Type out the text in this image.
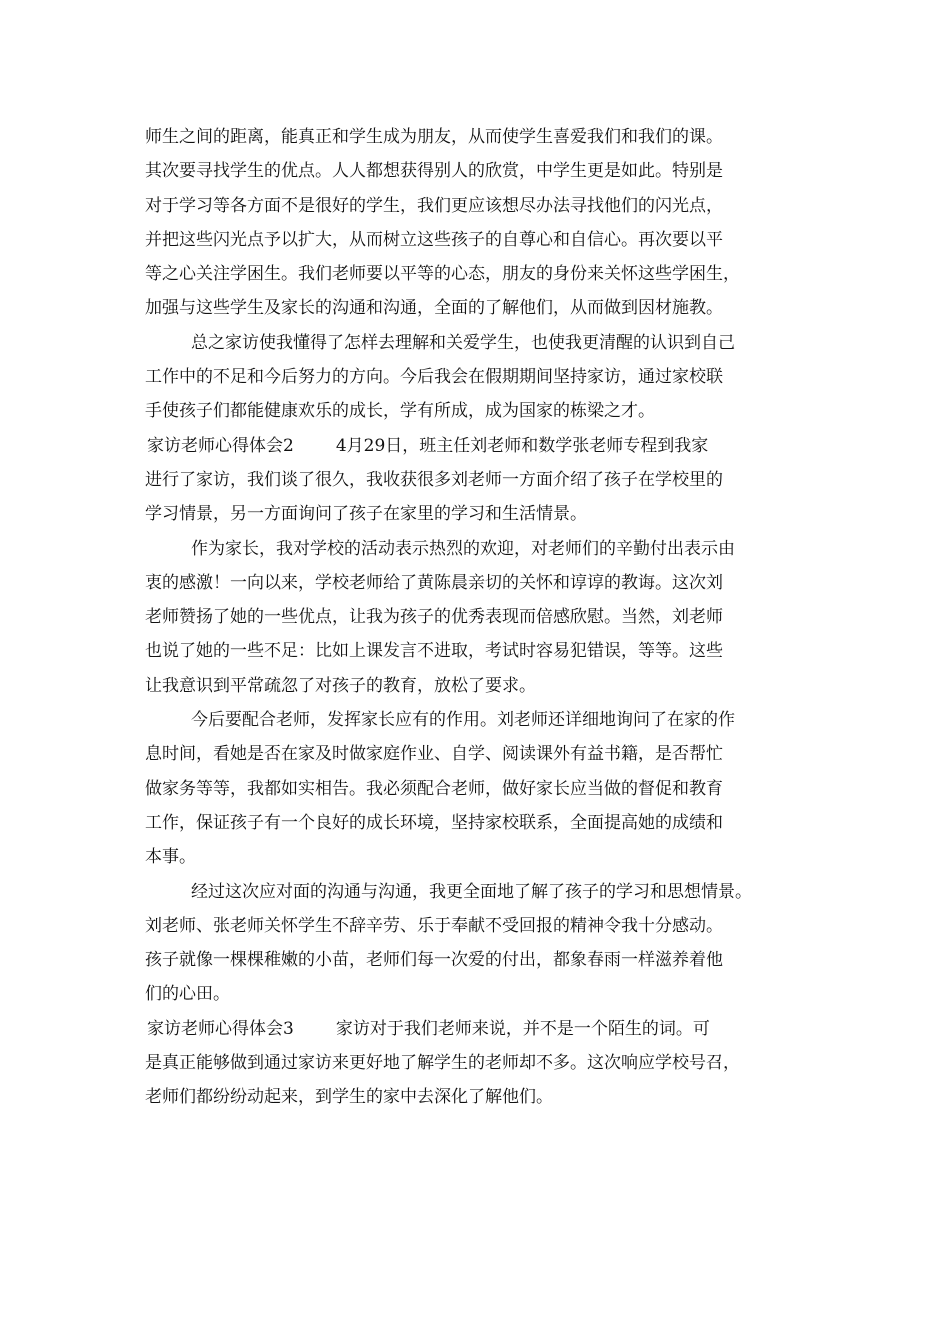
师生之间的距离，能真正和学生成为朋友，从而使学生喜爱我们和我们的课。
其次要寻找学生的优点。人人都想获得别人的欣赏，中学生更是如此。特别是
对于学习等各方面不是很好的学生，我们更应该想尽办法寻找他们的闪光点，
并把这些闪光点予以扩大，从而树立这些孩子的自尊心和自信心。再次要以平
等之心关注学困生。我们老师要以平等的心态，朋友的身份来关怀这些学困生，
加强与这些学生及家长的沟通和沟通，全面的了解他们，从而做到因材施教。
总之家访使我懂得了怎样去理解和关爱学生，也使我更清醒的认识到自己
工作中的不足和今后努力的方向。今后我会在假期期间坚持家访，通过家校联
手使孩子们都能健康欢乐的成长，学有所成，成为国家的栋梁之才。
家访老师心得体会2 4月29日，班主任刘老师和数学张老师专程到我家
进行了家访，我们谈了很久，我收获很多刘老师一方面介绍了孩子在学校里的
学习情景，另一方面询问了孩子在家里的学习和生活情景。
作为家长，我对学校的活动表示热烈的欢迎，对老师们的辛勤付出表示由
衷的感激！一向以来，学校老师给了黄陈晨亲切的关怀和谆谆的教诲。这次刘
老师赞扬了她的一些优点，让我为孩子的优秀表现而倍感欣慰。当然，刘老师
也说了她的一些不足：比如上课发言不进取，考试时容易犯错误，等等。这些
让我意识到平常疏忽了对孩子的教育，放松了要求。
今后要配合老师，发挥家长应有的作用。刘老师还详细地询问了在家的作
息时间，看她是否在家及时做家庭作业、自学、阅读课外有益书籍，是否帮忙
做家务等等，我都如实相告。我必须配合老师，做好家长应当做的督促和教育
工作，保证孩子有一个良好的成长环境，坚持家校联系，全面提高她的成绩和
本事。
经过这次应对面的沟通与沟通，我更全面地了解了孩子的学习和思想情景。
刘老师、张老师关怀学生不辞辛劳、乐于奉献不受回报的精神令我十分感动。
孩子就像一棵棵稚嫩的小苗，老师们每一次爱的付出，都象春雨一样滋养着他
们的心田。
家访老师心得体会3 家访对于我们老师来说，并不是一个陌生的词。可
是真正能够做到通过家访来更好地了解学生的老师却不多。这次响应学校号召，
老师们都纷纷动起来，到学生的家中去深化了解他们。
